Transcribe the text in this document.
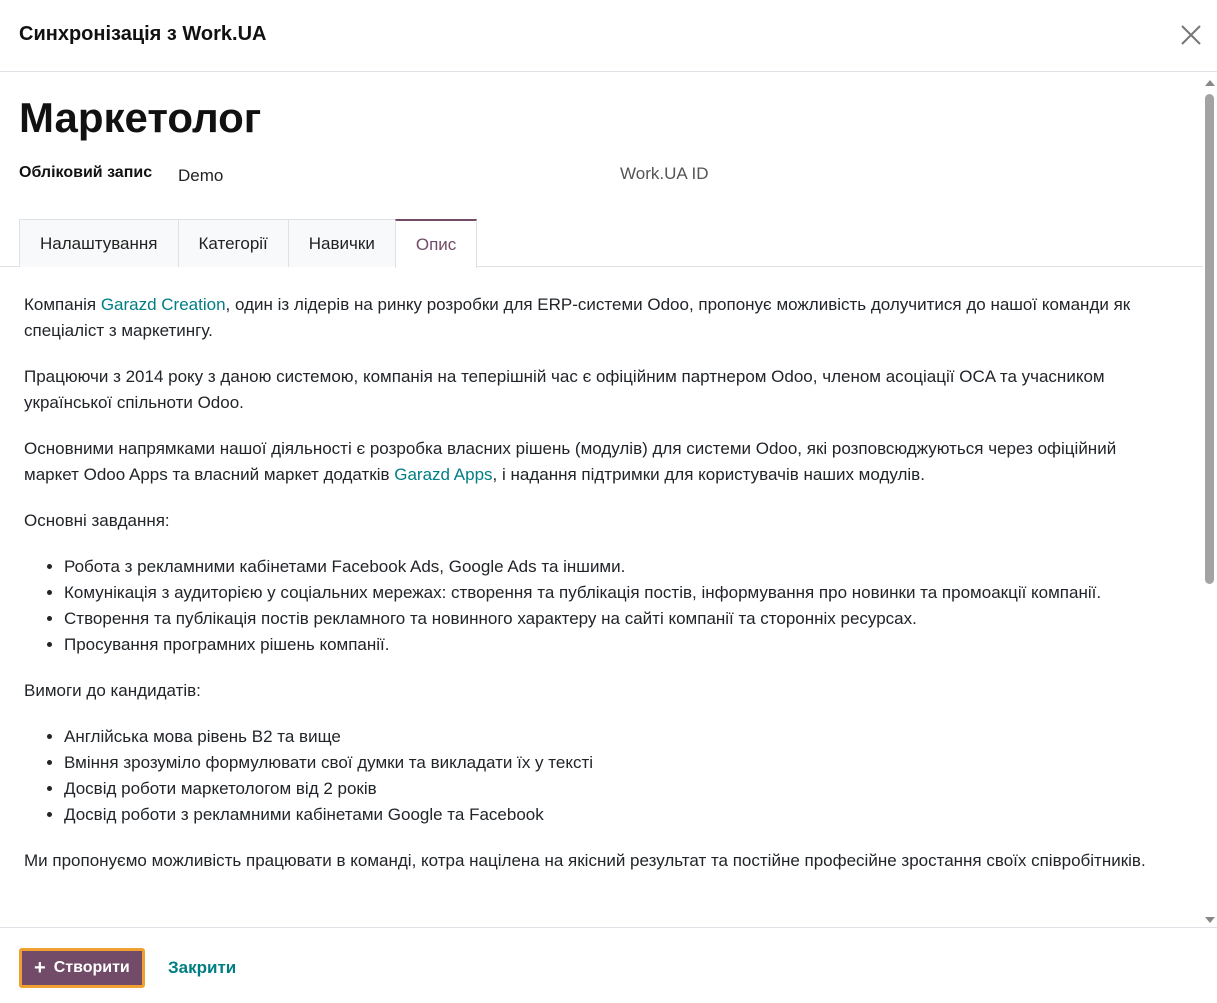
Синхронізація з Work.UA
Маркетолог
Обліковий запис Demo	Work.UA ID
Налаштування	Категорії	Навички	Опис

Компанія Garazd Creation, один із лідерів на ринку розробки для ERP-системи Odoo, пропонує можливість долучитися до нашої команди як спеціаліст з маркетингу.

Працюючи з 2014 року з даною системою, компанія на теперішній час є офіційним партнером Odoo, членом асоціації OCA та учасником української спільноти Odoo.

Основними напрямками нашої діяльності є розробка власних рішень (модулів) для системи Odoo, які розповсюджуються через офіційний маркет Odoo Apps та власний маркет додатків Garazd Apps, і надання підтримки для користувачів наших модулів.

Основні завдання:

• Робота з рекламними кабінетами Facebook Ads, Google Ads та іншими.
• Комунікація з аудиторією у соціальних мережах: створення та публікація постів, інформування про новинки та промоакції компанії.
• Створення та публікація постів рекламного та новинного характеру на сайті компанії та сторонніх ресурсах.
• Просування програмних рішень компанії.

Вимоги до кандидатів:

• Англійська мова рівень B2 та вище
• Вміння зрозуміло формулювати свої думки та викладати їх у тексті
• Досвід роботи маркетологом від 2 років
• Досвід роботи з рекламними кабінетами Google та Facebook

Ми пропонуємо можливість працювати в команді, котра націлена на якісний результат та постійне професійне зростання своїх співробітників.

+ Створити Закрити
